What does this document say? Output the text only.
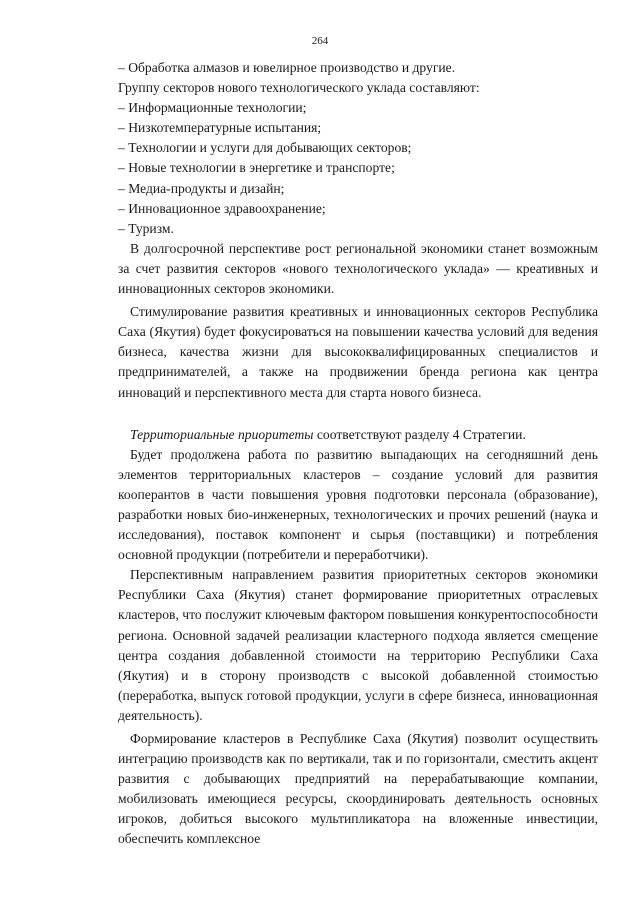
264

– Обработка алмазов и ювелирное производство и другие.

Группу секторов нового технологического уклада составляют:

– Информационные технологии;

– Низкотемпературные испытания;

– Технологии и услуги для добывающих секторов;

– Новые технологии в энергетике и транспорте;

– Медиа-продукты и дизайн;

– Инновационное здравоохранение;

– Туризм.

В долгосрочной перспективе рост региональной экономики станет возможным за счет развития секторов «нового технологического уклада» — креативных и инновационных секторов экономики.

Стимулирование развития креативных и инновационных секторов Республика Саха (Якутия) будет фокусироваться на повышении качества условий для ведения бизнеса, качества жизни для высококвалифицированных специалистов и предпринимателей, а также на продвижении бренда региона как центра инноваций и перспективного места для старта нового бизнеса.

Территориальные приоритеты соответствуют разделу 4 Стратегии.

Будет продолжена работа по развитию выпадающих на сегодняшний день элементов территориальных кластеров – создание условий для развития кооперантов в части повышения уровня подготовки персонала (образование), разработки новых био-инженерных, технологических и прочих решений (наука и исследования), поставок компонент и сырья (поставщики) и потребления основной продукции (потребители и переработчики).

Перспективным направлением развития приоритетных секторов экономики Республики Саха (Якутия) станет формирование приоритетных отраслевых кластеров, что послужит ключевым фактором повышения конкурентоспособности региона. Основной задачей реализации кластерного подхода является смещение центра создания добавленной стоимости на территорию Республики Саха (Якутия) и в сторону производств с высокой добавленной стоимостью (переработка, выпуск готовой продукции, услуги в сфере бизнеса, инновационная деятельность).

Формирование кластеров в Республике Саха (Якутия) позволит осуществить интеграцию производств как по вертикали, так и по горизонтали, сместить акцент развития с добывающих предприятий на перерабатывающие компании, мобилизовать имеющиеся ресурсы, скоординировать деятельность основных игроков, добиться высокого мультипликатора на вложенные инвестиции, обеспечить комплексное
